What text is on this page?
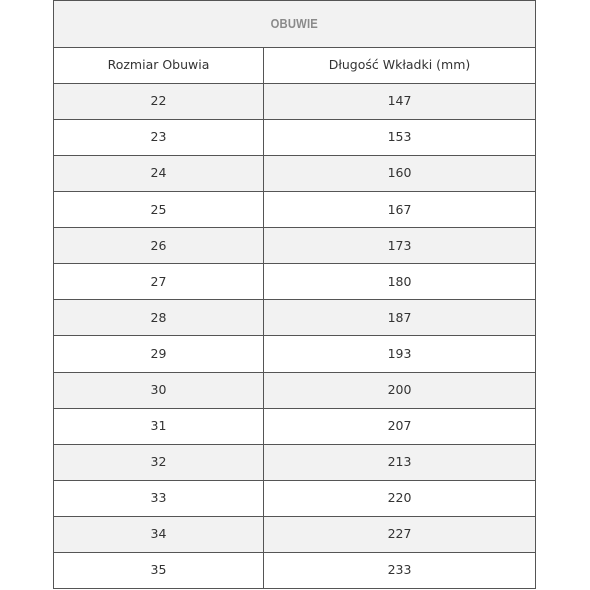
OBUWIE	
Rozmiar Obuwia	Długość Wkładki (mm)
22	147
23	153
24	160
25	167
26	173
27	180
28	187
29	193
30	200
31	207
32	213
33	220
34	227
35	233
